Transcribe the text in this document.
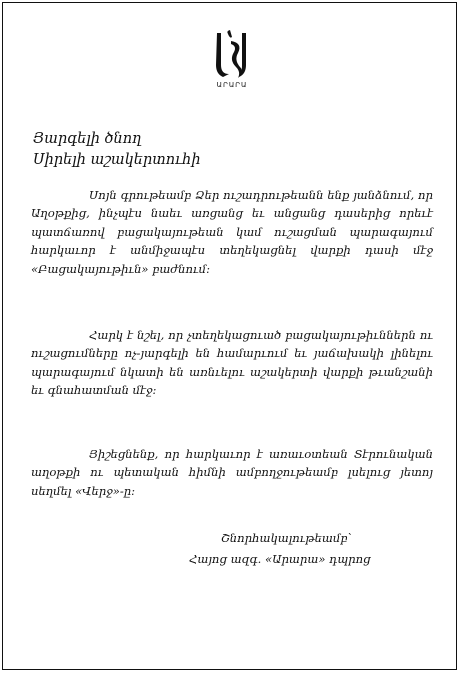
ԱՐԱՐԱ
Յարգելի ծնող
Սիրելի աշակերտուհի

Սոյն գրութեամբ Ձեր ուշադրութեանն ենք յանձնում, որ Աղօթքից, ինչպէս նաեւ առցանց եւ անցանց դասերից որեւէ պատճառով բացակայութեան կամ ուշացման պարագայում հարկաւոր է անմիջապէս տեղեկացնել վարքի դասի մէջ «Բացակայութիւն» բաժնում:

Հարկ է նշել, որ չտեղեկացուած բացակայութիւններն ու ուշացումները ոչ-յարգելի են համարւում եւ յաճախակի լինելու պարագայում նկատի են առնւելու աշակերտի վարքի թւանշանի եւ գնահատման մէջ:

Յիշեցնենք, որ հարկաւոր է առաւօտեան Տէրունական աղօթքի ու պետական հիմնի ամբողջութեամբ լսելուց յետոյ սեղմել «Վերջ»-ը:

Շնորհակալութեամբ՝
Հայոց ազգ. «Արարա» դպրոց
